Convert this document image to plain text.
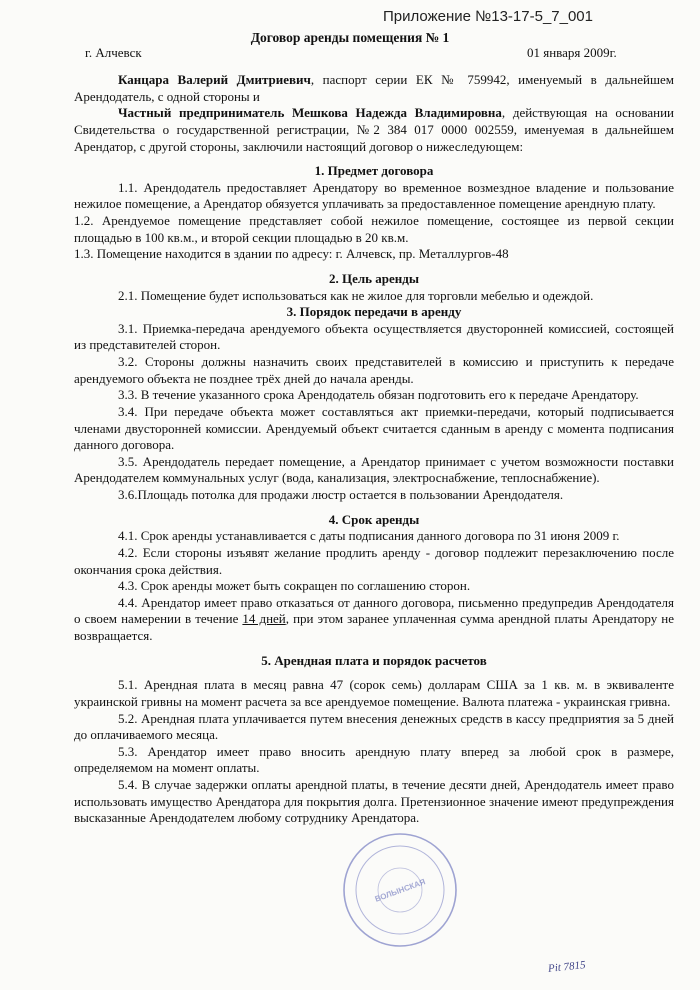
Приложение №13-17-5_7_001
Договор аренды помещения № 1
г. Алчевск	01 января 2009г.

Канцара Валерий Дмитриевич, паспорт серии ЕК № 759942, именуемый в дальнейшем Арендодатель, с одной стороны и

Частный предприниматель Мешкова Надежда Владимировна, действующая на основании Свидетельства о государственной регистрации, №2 384 017 0000 002559, именуемая в дальнейшем Арендатор, с другой стороны, заключили настоящий договор о нижеследующем:

1. Предмет договора

1.1. Арендодатель предоставляет Арендатору во временное возмездное владение и пользование нежилое помещение, а Арендатор обязуется уплачивать за предоставленное помещение арендную плату.

1.2. Арендуемое помещение представляет собой нежилое помещение, состоящее из первой секции площадью в 100 кв.м., и второй секции площадью в 20 кв.м.

1.3. Помещение находится в здании по адресу: г. Алчевск, пр. Металлургов-48

2. Цель аренды

2.1. Помещение будет использоваться как не жилое для торговли мебелью и одеждой.

3. Порядок передачи в аренду

3.1. Приемка-передача арендуемого объекта осуществляется двусторонней комиссией, состоящей из представителей сторон.

3.2. Стороны должны назначить своих представителей в комиссию и приступить к передаче арендуемого объекта не позднее трёх дней до начала аренды.

3.3. В течение указанного срока Арендодатель обязан подготовить его к передаче Арендатору.

3.4. При передаче объекта может составляться акт приемки-передачи, который подписывается членами двусторонней комиссии. Арендуемый объект считается сданным в аренду с момента подписания данного договора.

3.5. Арендодатель передает помещение, а Арендатор принимает с учетом возможности поставки Арендодателем коммунальных услуг (вода, канализация, электроснабжение, теплоснабжение).

3.6.Площадь потолка для продажи люстр остается в пользовании Арендодателя.

4. Срок аренды

4.1. Срок аренды устанавливается с даты подписания данного договора по 31 июня 2009 г.

4.2. Если стороны изъявят желание продлить аренду - договор подлежит перезаключению после окончания срока действия.

4.3. Срок аренды может быть сокращен по соглашению сторон.

4.4. Арендатор имеет право отказаться от данного договора, письменно предупредив Арендодателя о своем намерении в течение 14 дней, при этом заранее уплаченная сумма арендной платы Арендатору не возвращается.

5. Арендная плата и порядок расчетов

5.1. Арендная плата в месяц равна 47 (сорок семь) долларам США за 1 кв. м. в эквиваленте украинской гривны на момент расчета за все арендуемое помещение. Валюта платежа - украинская гривна.

5.2. Арендная плата уплачивается путем внесения денежных средств в кассу предприятия за 5 дней до оплачиваемого месяца.

5.3. Арендатор имеет право вносить арендную плату вперед за любой срок в размере, определяемом на момент оплаты.

5.4. В случае задержки оплаты арендной платы, в течение десяти дней, Арендодатель имеет право использовать имущество Арендатора для покрытия долга. Претензионное значение имеют предупреждения высказанные Арендодателем любому сотруднику Арендатора.

ВОЛЫНСКАЯ
Pit 7815
